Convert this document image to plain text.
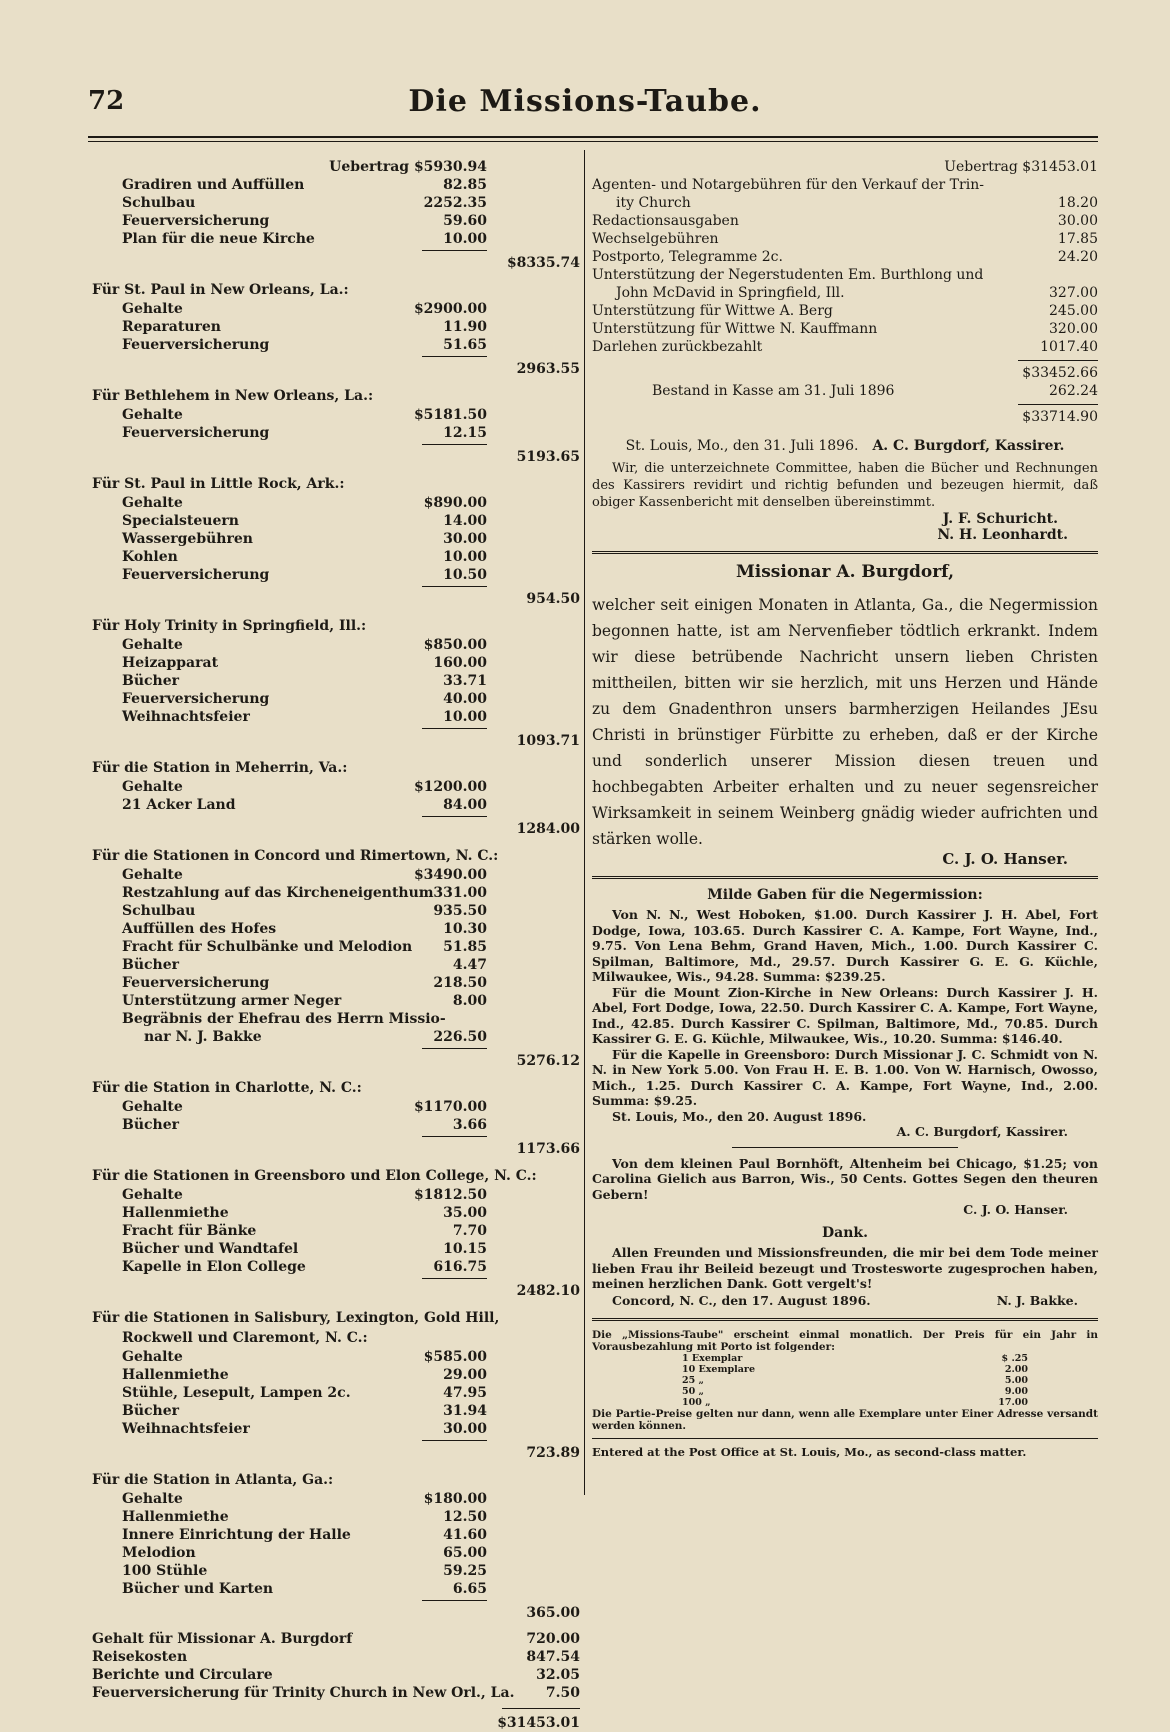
72	Die Missions-Taube.
Uebertrag $5930.94
Gradiren und Auffüllen	82.85
Schulbau	2252.35
Feuerversicherung	59.60
Plan für die neue Kirche	10.00
$8335.74
Für St. Paul in New Orleans, La.:
Gehalte	$2900.00
Reparaturen	11.90
Feuerversicherung	51.65
2963.55
Für Bethlehem in New Orleans, La.:
Gehalte	$5181.50
Feuerversicherung	12.15
5193.65
Für St. Paul in Little Rock, Ark.:
Gehalte	$890.00
Specialsteuern	14.00
Wassergebühren	30.00
Kohlen	10.00
Feuerversicherung	10.50
954.50
Für Holy Trinity in Springfield, Ill.:
Gehalte	$850.00
Heizapparat	160.00
Bücher	33.71
Feuerversicherung	40.00
Weihnachtsfeier	10.00
1093.71
Für die Station in Meherrin, Va.:
Gehalte	$1200.00
21 Acker Land	84.00
1284.00
Für die Stationen in Concord und Rimertown, N. C.:
Gehalte	$3490.00
Restzahlung auf das Kircheneigenthum 331.00
Schulbau	935.50
Auffüllen des Hofes	10.30
Fracht für Schulbänke und Melodion 51.85
Bücher	4.47
Feuerversicherung	218.50
Unterstützung armer Neger	8.00
Begräbnis der Ehefrau des Herrn Missio-
nar N. J. Bakke	226.50
5276.12
Für die Station in Charlotte, N. C.:
Gehalte	$1170.00
Bücher	3.66
1173.66
Für die Stationen in Greensboro und Elon College, N. C.:
Gehalte	$1812.50
Hallenmiethe	35.00
Fracht für Bänke	7.70
Bücher und Wandtafel	10.15
Kapelle in Elon College	616.75
2482.10
Für die Stationen in Salisbury, Lexington, Gold Hill,
Rockwell und Claremont, N. C.:
Gehalte	$585.00
Hallenmiethe	29.00
Stühle, Lesepult, Lampen 2c.	47.95
Bücher	31.94
Weihnachtsfeier	30.00
723.89
Für die Station in Atlanta, Ga.:
Gehalte	$180.00
Hallenmiethe	12.50
Innere Einrichtung der Halle	41.60
Melodion	65.00
100 Stühle	59.25
Bücher und Karten	6.65
365.00
Gehalt für Missionar A. Burgdorf	720.00
Reisekosten	847.54
Berichte und Circulare	32.05
Feuerversicherung für Trinity Church in New Orl., La. 7.50
$31453.01
Uebertrag $31453.01
Agenten- und Notargebühren für den Verkauf der Trin-
ity Church	18.20
Redactionsausgaben	30.00
Wechselgebühren	17.85
Postporto, Telegramme 2c.	24.20
Unterstützung der Negerstudenten Em. Burthlong und
John McDavid in Springfield, Ill.	327.00
Unterstützung für Wittwe A. Berg	245.00
Unterstützung für Wittwe N. Kauffmann	320.00
Darlehen zurückbezahlt	1017.40
$33452.66
Bestand in Kasse am 31. Juli 1896	262.24
$33714.90
St. Louis, Mo., den 31. Juli 1896. A. C. Burgdorf, Kassirer.
Wir, die unterzeichnete Committee, haben die Bücher und Rechnungen des Kassirers revidirt und richtig befunden und bezeugen hiermit, daß obiger Kassenbericht mit denselben übereinstimmt.
J. F. Schuricht.
N. H. Leonhardt.
Missionar A. Burgdorf,
welcher seit einigen Monaten in Atlanta, Ga., die Negermission begonnen hatte, ist am Nervenfieber tödtlich erkrankt. Indem wir diese betrübende Nachricht unsern lieben Christen mittheilen, bitten wir sie herzlich, mit uns Herzen und Hände zu dem Gnadenthron unsers barmherzigen Heilandes JEsu Christi in brünstiger Fürbitte zu erheben, daß er der Kirche und sonderlich unserer Mission diesen treuen und hochbegabten Arbeiter erhalten und zu neuer segensreicher Wirksamkeit in seinem Weinberg gnädig wieder aufrichten und stärken wolle.
C. J. O. Hanser.
Milde Gaben für die Negermission:
Von N. N., West Hoboken, $1.00. Durch Kassirer J. H. Abel, Fort Dodge, Iowa, 103.65. Durch Kassirer C. A. Kampe, Fort Wayne, Ind., 9.75. Von Lena Behm, Grand Haven, Mich., 1.00. Durch Kassirer C. Spilman, Baltimore, Md., 29.57. Durch Kassirer G. E. G. Küchle, Milwaukee, Wis., 94.28. Summa: $239.25.
Für die Mount Zion-Kirche in New Orleans: Durch Kassirer J. H. Abel, Fort Dodge, Iowa, 22.50. Durch Kassirer C. A. Kampe, Fort Wayne, Ind., 42.85. Durch Kassirer C. Spilman, Baltimore, Md., 70.85. Durch Kassirer G. E. G. Küchle, Milwaukee, Wis., 10.20. Summa: $146.40.
Für die Kapelle in Greensboro: Durch Missionar J. C. Schmidt von N. N. in New York 5.00. Von Frau H. E. B. 1.00. Von W. Harnisch, Owosso, Mich., 1.25. Durch Kassirer C. A. Kampe, Fort Wayne, Ind., 2.00. Summa: $9.25.
St. Louis, Mo., den 20. August 1896.
A. C. Burgdorf, Kassirer.
Von dem kleinen Paul Bornhöft, Altenheim bei Chicago, $1.25; von Carolina Gielich aus Barron, Wis., 50 Cents. Gottes Segen den theuren Gebern!
C. J. O. Hanser.
Dank.
Allen Freunden und Missionsfreunden, die mir bei dem Tode meiner lieben Frau ihr Beileid bezeugt und Trostesworte zugesprochen haben, meinen herzlichen Dank. Gott vergelt's!
Concord, N. C., den 17. August 1896.	N. J. Bakke.
Die „Missions-Taube" erscheint einmal monatlich. Der Preis für ein Jahr in Vorausbezahlung mit Porto ist folgender:
1 Exemplar	$ .25
10 Exemplare	2.00
25 „	5.00
50 „	9.00
100 „	17.00
Die Partie-Preise gelten nur dann, wenn alle Exemplare unter Einer Adresse versandt werden können.
Entered at the Post Office at St. Louis, Mo., as second-class matter.
